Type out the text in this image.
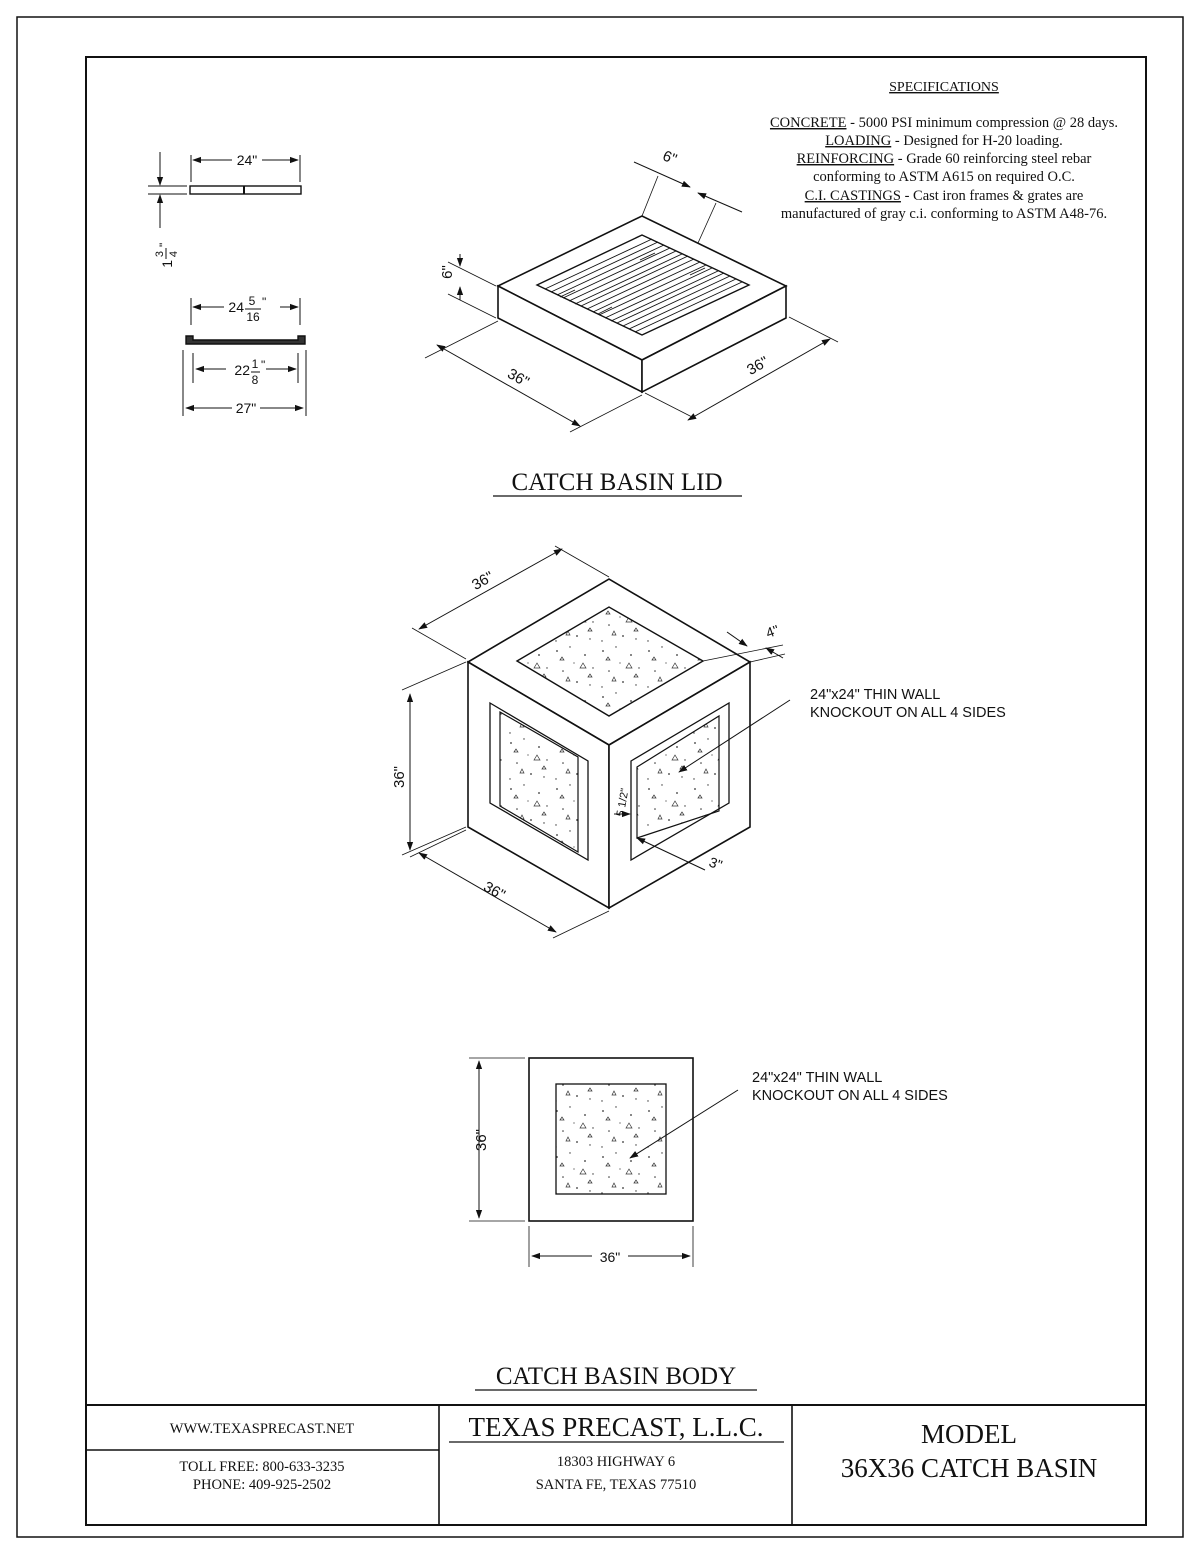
SPECIFICATIONS
CONCRETE - 5000 PSI minimum compression @ 28 days.
LOADING - Designed for H-20 loading.
REINFORCING - Grade 60 reinforcing steel rebar
conforming to ASTM A615 on required O.C.
C.I. CASTINGS - Cast iron frames & grates are
manufactured of gray c.i. conforming to ASTM A48-76.
24"
1
3 4
"
24 5
16
"
22 1
8
"
27"
6"
6"
36"	36"
CATCH BASIN LID
36"
4"
36"
36"
5 1/2"
3"
24"x24" THIN WALL
KNOCKOUT ON ALL 4 SIDES
36"
36"
24"x24" THIN WALL
KNOCKOUT ON ALL 4 SIDES
CATCH BASIN BODY
WWW.TEXASPRECAST.NET
TOLL FREE: 800-633-3235
PHONE: 409-925-2502
TEXAS PRECAST, L.L.C.
18303 HIGHWAY 6
SANTA FE, TEXAS 77510
MODEL
36X36 CATCH BASIN
